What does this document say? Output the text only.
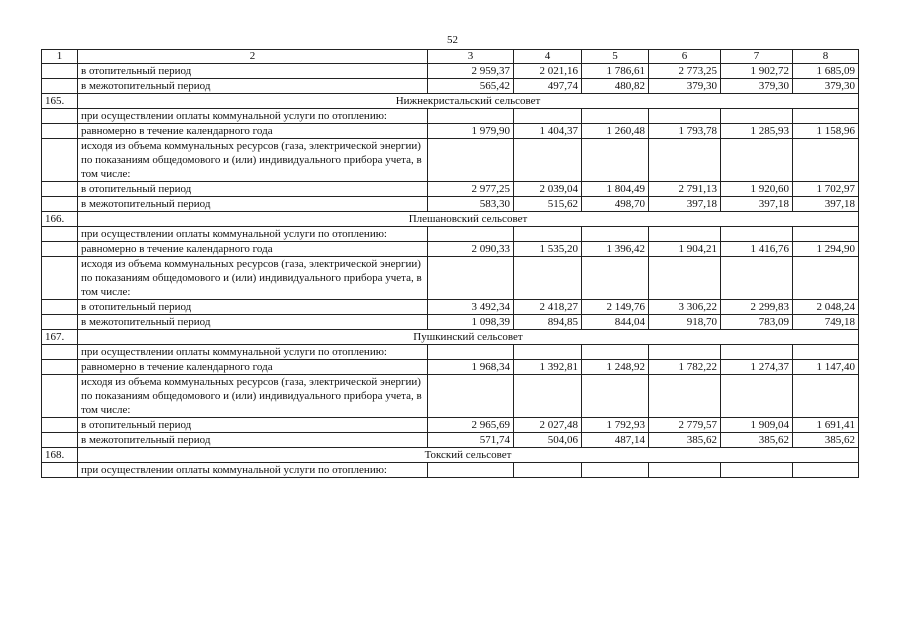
52
1	2	3	4	5	6	7	8
	в отопительный период	2 959,37	2 021,16	1 786,61	2 773,25	1 902,72	1 685,09
	в межотопительный период	565,42	497,74	480,82	379,30	379,30	379,30
165.	Нижнекристальский сельсовет						
	при осуществлении оплаты коммунальной услуги по отоплению:						
	равномерно в течение календарного года	1 979,90	1 404,37	1 260,48	1 793,78	1 285,93	1 158,96
	исходя из объема коммунальных ресурсов (газа, электрической энергии) по показаниям общедомового и (или) индивидуального прибора учета, в том числе:						
	в отопительный период	2 977,25	2 039,04	1 804,49	2 791,13	1 920,60	1 702,97
	в межотопительный период	583,30	515,62	498,70	397,18	397,18	397,18
166.	Плешановский сельсовет						
	при осуществлении оплаты коммунальной услуги по отоплению:						
	равномерно в течение календарного года	2 090,33	1 535,20	1 396,42	1 904,21	1 416,76	1 294,90
	исходя из объема коммунальных ресурсов (газа, электрической энергии) по показаниям общедомового и (или) индивидуального прибора учета, в том числе:						
	в отопительный период	3 492,34	2 418,27	2 149,76	3 306,22	2 299,83	2 048,24
	в межотопительный период	1 098,39	894,85	844,04	918,70	783,09	749,18
167.	Пушкинский сельсовет						
	при осуществлении оплаты коммунальной услуги по отоплению:						
	равномерно в течение календарного года	1 968,34	1 392,81	1 248,92	1 782,22	1 274,37	1 147,40
	исходя из объема коммунальных ресурсов (газа, электрической энергии) по показаниям общедомового и (или) индивидуального прибора учета, в том числе:						
	в отопительный период	2 965,69	2 027,48	1 792,93	2 779,57	1 909,04	1 691,41
	в межотопительный период	571,74	504,06	487,14	385,62	385,62	385,62
168.	Токский сельсовет						
	при осуществлении оплаты коммунальной услуги по отоплению:						
